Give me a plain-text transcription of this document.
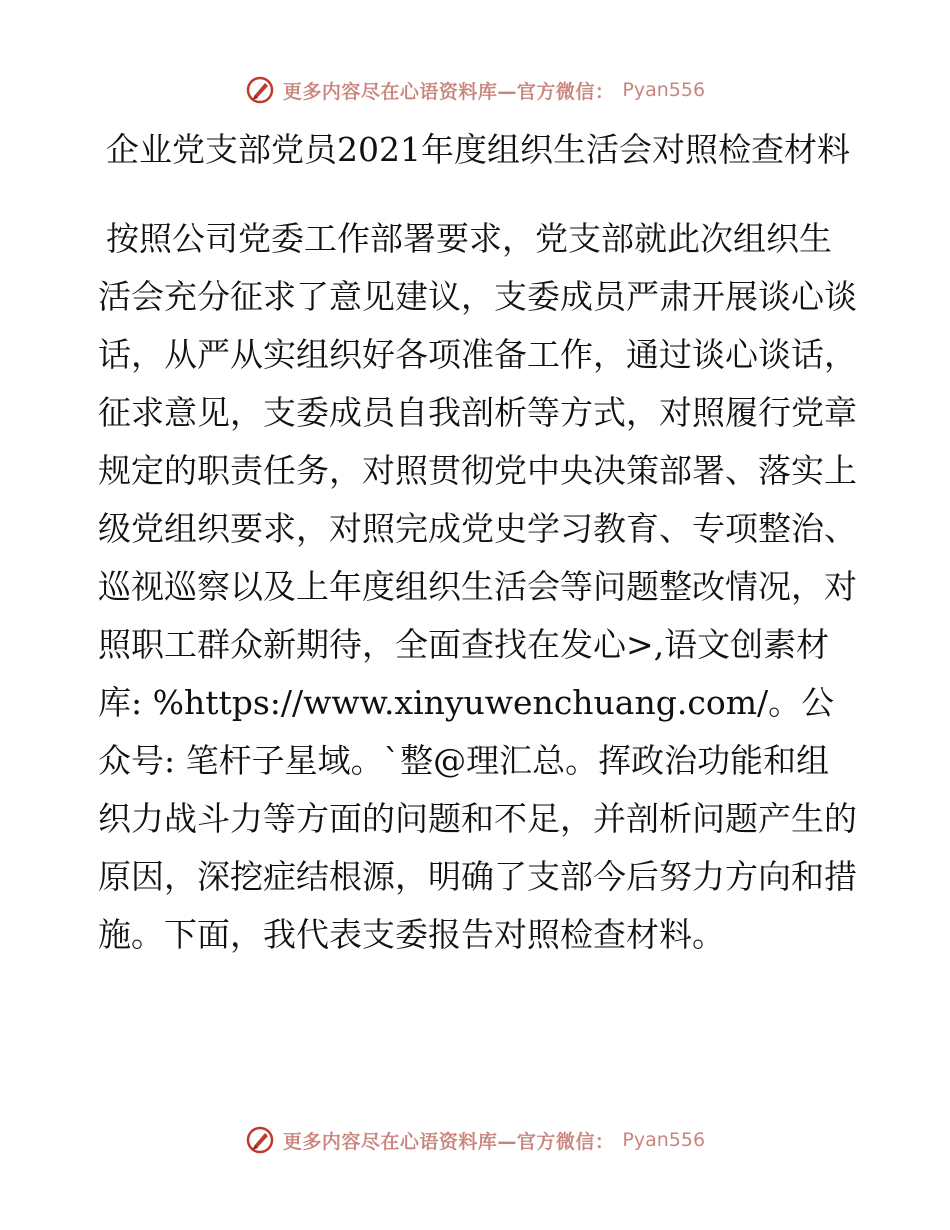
更多内容尽在心语资料库—官方微信： Pyan556
企业党支部党员2021年度组织生活会对照检查材料

按照公司党委工作部署要求，党支部就此次组织生活会充分征求了意见建议，支委成员严肃开展谈心谈话，从严从实组织好各项准备工作，通过谈心谈话，征求意见，支委成员自我剖析等方式，对照履行党章规定的职责任务，对照贯彻党中央决策部署、落实上级党组织要求，对照完成党史学习教育、专项整治、巡视巡察以及上年度组织生活会等问题整改情况，对照职工群众新期待，全面查找在发心>,语文创素材库: %https://www.xinyuwenchuang.com/。公众号: 笔杆子星域。`整@理汇总。挥政治功能和组织力战斗力等方面的问题和不足，并剖析问题产生的原因，深挖症结根源，明确了支部今后努力方向和措施。下面，我代表支委报告对照检查材料。

更多内容尽在心语资料库—官方微信： Pyan556
